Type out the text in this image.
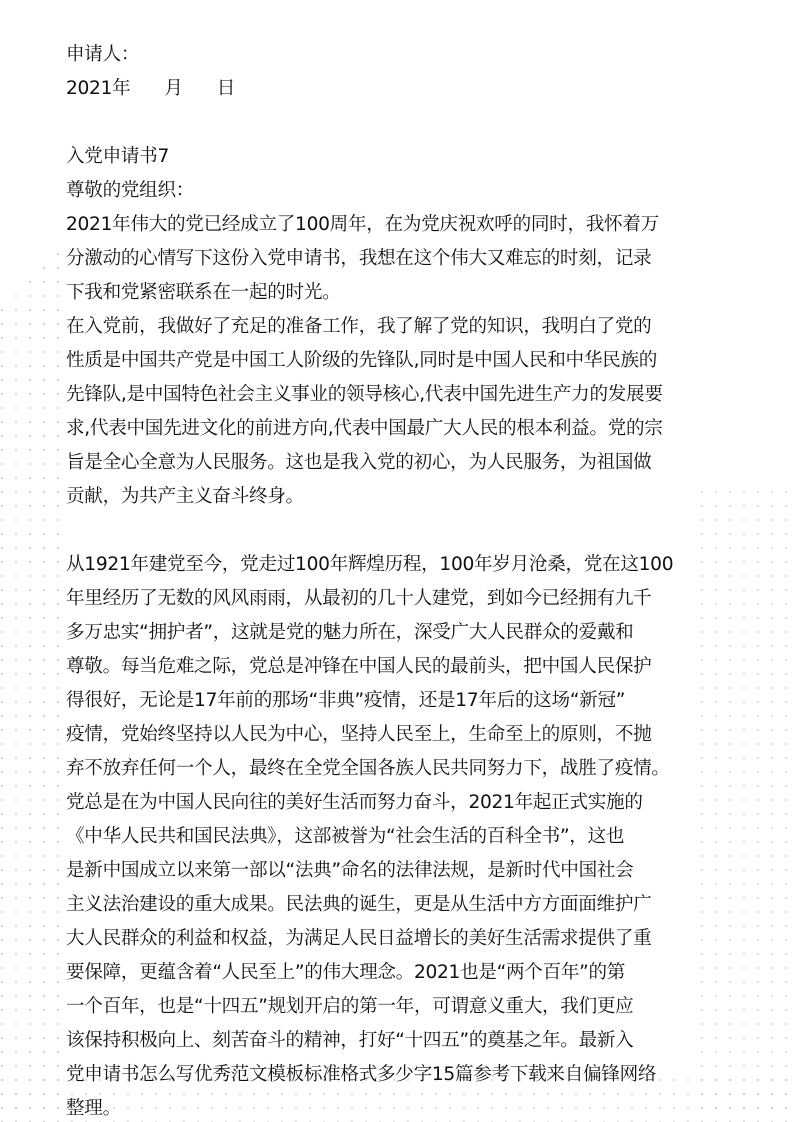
申请人：
2021年 月 日
入党申请书7
尊敬的党组织：
2021年伟大的党已经成立了100周年，在为党庆祝欢呼的同时，我怀着万
分激动的心情写下这份入党申请书，我想在这个伟大又难忘的时刻，记录
下我和党紧密联系在一起的时光。
在入党前，我做好了充足的准备工作，我了解了党的知识，我明白了党的
性质是中国共产党是中国工人阶级的先锋队,同时是中国人民和中华民族的
先锋队,是中国特色社会主义事业的领导核心,代表中国先进生产力的发展要
求,代表中国先进文化的前进方向,代表中国最广大人民的根本利益。党的宗
旨是全心全意为人民服务。这也是我入党的初心，为人民服务，为祖国做
贡献，为共产主义奋斗终身。
从1921年建党至今，党走过100年辉煌历程，100年岁月沧桑，党在这100
年里经历了无数的风风雨雨，从最初的几十人建党，到如今已经拥有九千
多万忠实“拥护者”，这就是党的魅力所在，深受广大人民群众的爱戴和
尊敬。每当危难之际，党总是冲锋在中国人民的最前头，把中国人民保护
得很好，无论是17年前的那场“非典”疫情，还是17年后的这场“新冠”
疫情，党始终坚持以人民为中心，坚持人民至上，生命至上的原则，不抛
弃不放弃任何一个人，最终在全党全国各族人民共同努力下，战胜了疫情。
党总是在为中国人民向往的美好生活而努力奋斗，2021年起正式实施的
《中华人民共和国民法典》，这部被誉为“社会生活的百科全书”，这也
是新中国成立以来第一部以“法典”命名的法律法规，是新时代中国社会
主义法治建设的重大成果。民法典的诞生，更是从生活中方方面面维护广
大人民群众的利益和权益，为满足人民日益增长的美好生活需求提供了重
要保障，更蕴含着“人民至上”的伟大理念。2021也是“两个百年”的第
一个百年，也是“十四五”规划开启的第一年，可谓意义重大，我们更应
该保持积极向上、刻苦奋斗的精神，打好“十四五”的奠基之年。最新入
党申请书怎么写优秀范文模板标准格式多少字15篇参考下载来自偏锋网络
整理。
